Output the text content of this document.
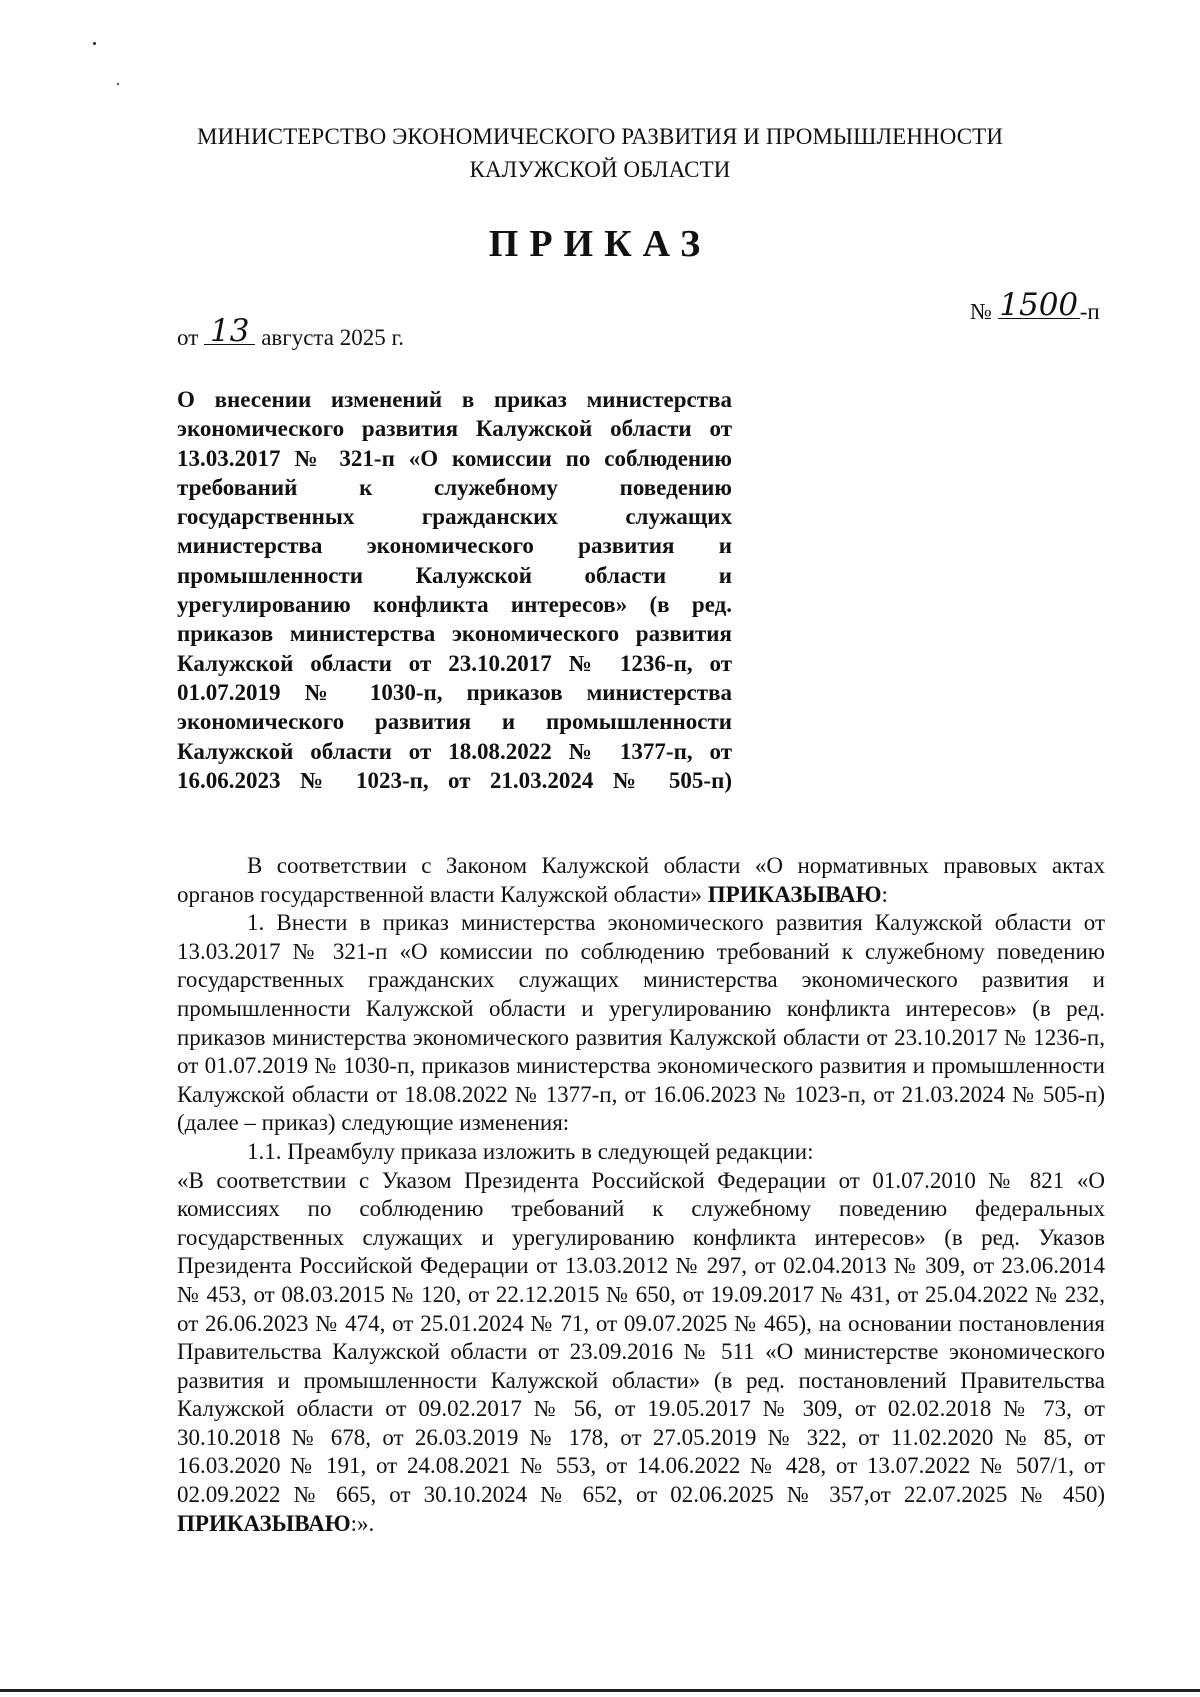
МИНИСТЕРСТВО ЭКОНОМИЧЕСКОГО РАЗВИТИЯ И ПРОМЫШЛЕННОСТИ
КАЛУЖСКОЙ ОБЛАСТИ
ПРИКАЗ
№ 1500-п
от 13 августа 2025 г.
О внесении изменений в приказ министерства экономического развития Калужской области от 13.03.2017 № 321-п «О комиссии по соблюдению требований к служебному поведению государственных гражданских служащих министерства экономического развития и промышленности Калужской области и урегулированию конфликта интересов» (в ред. приказов министерства экономического развития Калужской области от 23.10.2017 № 1236-п, от 01.07.2019 № 1030-п, приказов министерства экономического развития и промышленности Калужской области от 18.08.2022 № 1377-п, от 16.06.2023 № 1023-п, от 21.03.2024 № 505-п)

В соответствии с Законом Калужской области «О нормативных правовых актах органов государственной власти Калужской области» ПРИКАЗЫВАЮ:

1. Внести в приказ министерства экономического развития Калужской области от 13.03.2017 № 321-п «О комиссии по соблюдению требований к служебному поведению государственных гражданских служащих министерства экономического развития и промышленности Калужской области и урегулированию конфликта интересов» (в ред. приказов министерства экономического развития Калужской области от 23.10.2017 № 1236-п, от 01.07.2019 № 1030-п, приказов министерства экономического развития и промышленности Калужской области от 18.08.2022 № 1377-п, от 16.06.2023 № 1023-п, от 21.03.2024 № 505-п) (далее – приказ) следующие изменения:

1.1. Преамбулу приказа изложить в следующей редакции:

«В соответствии с Указом Президента Российской Федерации от 01.07.2010 № 821 «О комиссиях по соблюдению требований к служебному поведению федеральных государственных служащих и урегулированию конфликта интересов» (в ред. Указов Президента Российской Федерации от 13.03.2012 № 297, от 02.04.2013 № 309, от 23.06.2014 № 453, от 08.03.2015 № 120, от 22.12.2015 № 650, от 19.09.2017 № 431, от 25.04.2022 № 232, от 26.06.2023 № 474, от 25.01.2024 № 71, от 09.07.2025 № 465), на основании постановления Правительства Калужской области от 23.09.2016 № 511 «О министерстве экономического развития и промышленности Калужской области» (в ред. постановлений Правительства Калужской области от 09.02.2017 № 56, от 19.05.2017 № 309, от 02.02.2018 № 73, от 30.10.2018 № 678, от 26.03.2019 № 178, от 27.05.2019 № 322, от 11.02.2020 № 85, от 16.03.2020 № 191, от 24.08.2021 № 553, от 14.06.2022 № 428, от 13.07.2022 № 507/1, от 02.09.2022 № 665, от 30.10.2024 № 652, от 02.06.2025 № 357,от 22.07.2025 № 450) ПРИКАЗЫВАЮ:».
